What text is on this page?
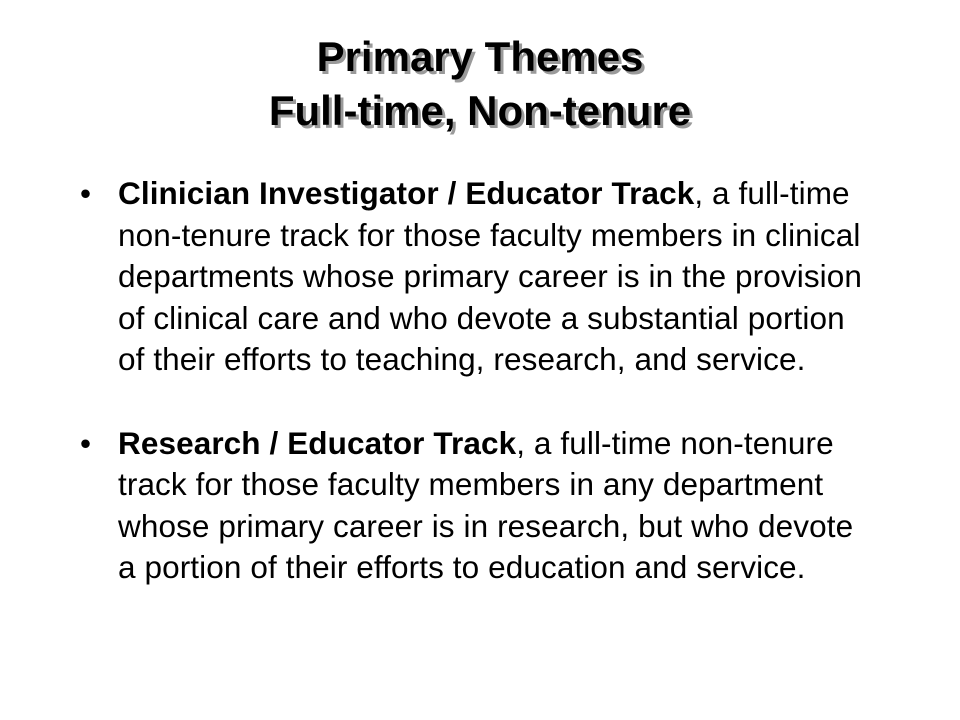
Primary Themes
Full-time, Non-tenure
• Clinician Investigator / Educator Track, a full-time non-tenure track for those faculty members in clinical departments whose primary career is in the provision of clinical care and who devote a substantial portion of their efforts to teaching, research, and service.
• Research / Educator Track, a full-time non-tenure track for those faculty members in any department whose primary career is in research, but who devote a portion of their efforts to education and service.
